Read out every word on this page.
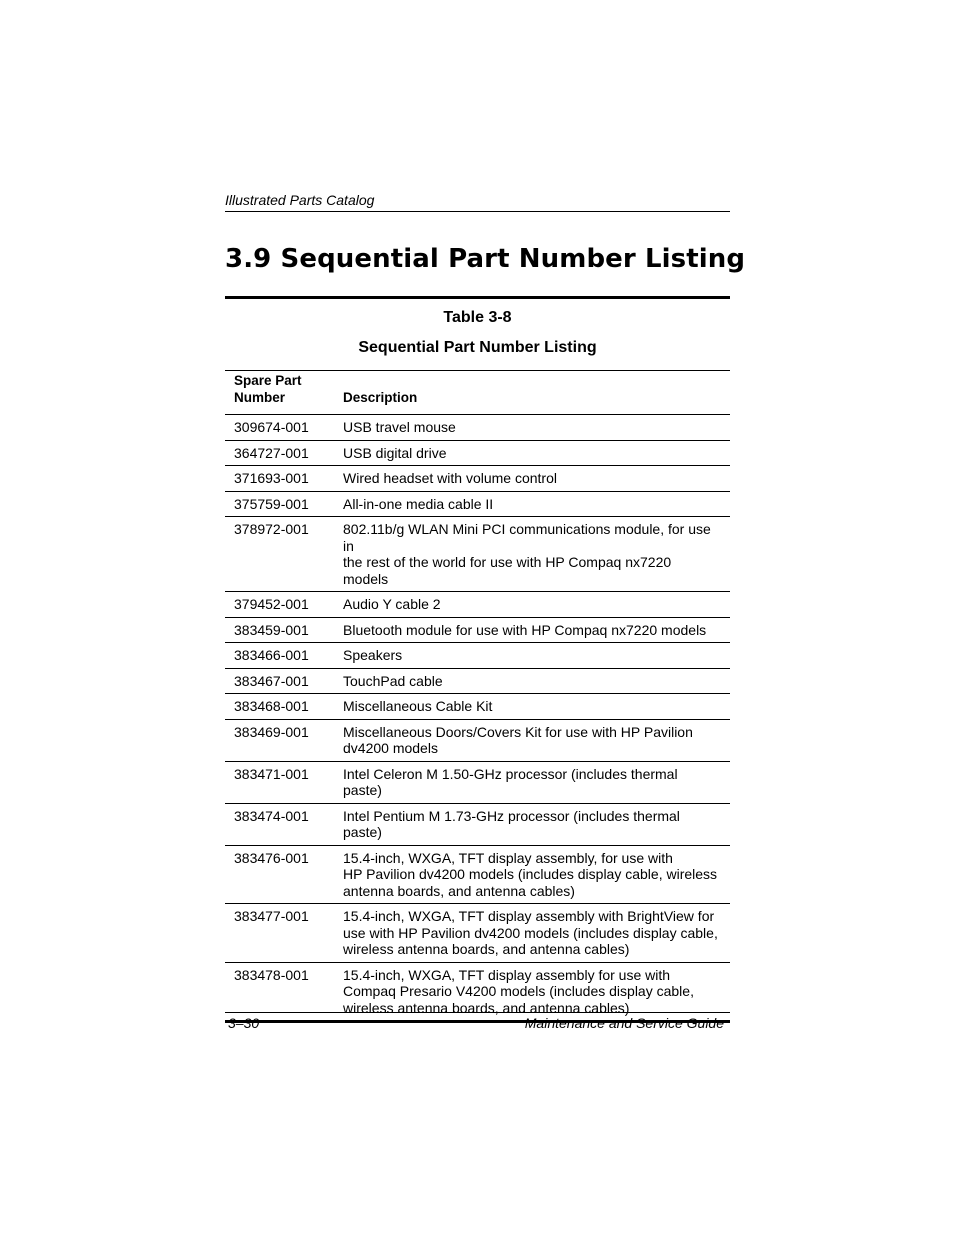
Illustrated Parts Catalog
3.9 Sequential Part Number Listing
Table 3-8
Sequential Part Number Listing
Spare Part
Number	Description
309674-001	USB travel mouse

364727-001	USB digital drive

371693-001	Wired headset with volume control

375759-001	All-in-one media cable II

378972-001	802.11b/g WLAN Mini PCI communications module, for use in
the rest of the world for use with HP Compaq nx7220 models

379452-001	Audio Y cable 2

383459-001	Bluetooth module for use with HP Compaq nx7220 models

383466-001	Speakers

383467-001	TouchPad cable

383468-001	Miscellaneous Cable Kit

383469-001	Miscellaneous Doors/Covers Kit for use with HP Pavilion
dv4200 models

383471-001	Intel Celeron M 1.50-GHz processor (includes thermal paste)

383474-001	Intel Pentium M 1.73-GHz processor (includes thermal paste)

383476-001	15.4-inch, WXGA, TFT display assembly, for use with
HP Pavilion dv4200 models (includes display cable, wireless
antenna boards, and antenna cables)

383477-001	15.4-inch, WXGA, TFT display assembly with BrightView for
use with HP Pavilion dv4200 models (includes display cable,
wireless antenna boards, and antenna cables)

383478-001	15.4-inch, WXGA, TFT display assembly for use with
Compaq Presario V4200 models (includes display cable,
wireless antenna boards, and antenna cables)
3–30	Maintenance and Service Guide
